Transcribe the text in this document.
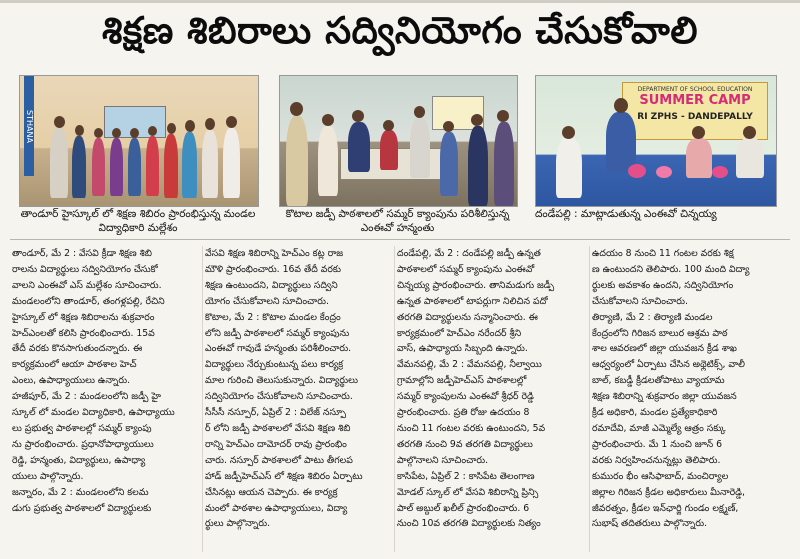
శిక్షణ శిబిరాలు సద్వినియోగం చేసుకోవాలి
STHANA
DEPARTMENT OF SCHOOL EDUCATION
SUMMER CAMP
RI ZPHS - DANDEPALLY
తాండూర్ హైస్కూల్ లో శిక్షణ శిబిరం ప్రారంభిస్తున్న మండల విద్యాధికారి మల్లేశం
కొటాల జడ్పీ పాఠశాలలో సమ్మర్ క్యాంపును పరిశీలిస్తున్న ఎంఈవో హన్మంతు
దండేపల్లి : మాట్లాడుతున్న ఎంఈవో చిన్నయ్య
తాండూర్, మే 2 : వేసవి క్రీడా శిక్షణ శిబి
రాలను విద్యార్థులు సద్వినియోగం చేసుకో
వాలని ఎంఈవో ఎస్ మల్లేశం సూచించారు.
మండలంలోని తాండూర్, తంగళ్లపల్లి, రేచిని
హైస్కూల్ లో శిక్షణ శిబిరాలను శుక్రవారం
హెచ్ఎంలతో కలిసి ప్రారంభించారు. 15వ
తేదీ వరకు కొనసాగుతుందన్నారు. ఈ
కార్యక్రమంలో ఆయా పాఠశాల హెచ్
ఎంలు, ఉపాధ్యాయులు ఉన్నారు.
హజీపూర్, మే 2 : మండలంలోని జడ్పీ హై
స్కూల్ లో మండల విద్యాధికారి, ఉపాధ్యాయు
లు ప్రభుత్వ పాఠశాలల్లో సమ్మర్ క్యాంపు
ను ప్రారంభించారు. ప్రధానోపాధ్యాయులు
రెడ్డి, హన్మంతు, విద్యార్థులు, ఉపాధ్యా
యులు పాల్గొన్నారు.
జన్నారం, మే 2 : మండలంలోని కలమ
డుగు ప్రభుత్వ పాఠశాలలో విద్యార్థులకు
వేసవి శిక్షణ శిబిరాన్ని హెచ్ఎం కట్ల రాజ
మౌళి ప్రారంభించారు. 16వ తేదీ వరకు
శిక్షణ ఉంటుందని, విద్యార్థులు సద్విని
యోగం చేసుకోవాలని సూచించారు.
కొటాల, మే 2 : కొటాల మండల కేంద్రం
లోని జడ్పీ పాఠశాలలో సమ్మర్ క్యాంపును
ఎంఈవో గావుడే హన్మంతు పరిశీలించారు.
విద్యార్థులు నేర్చుకుంటున్న పలు కార్యక్ర
మాల గురించి తెలుసుకున్నారు. విద్యార్థులు
సద్వినియోగం చేసుకోవాలని సూచించారు.
సీసీసీ నస్పూర్, ఏప్రిల్ 2 : విలేజ్ నస్పూ
ర్ లోని జడ్పీ పాఠశాలలో వేసవి శిక్షణ శిబి
రాన్ని హెచ్ఎం దామోదర్ రావు ప్రారంభిం
చారు. నస్పూర్ పాఠశాలలో పాటు తీగలప
హాడ్ జడ్పీహెచ్ఎస్ లో శిక్షణ శిబిరం ఏర్పాటు
చేసినట్లు ఆయన చెప్పారు. ఈ కార్యక్ర
మంలో పాఠశాల ఉపాధ్యాయులు, విద్యా
ర్థులు పాల్గొన్నారు.
దండేపల్లి, మే 2 : దండేపల్లి జడ్పీ ఉన్నత
పాఠశాలలో సమ్మర్ క్యాంపును ఎంఈవో
చిన్నయ్య ప్రారంభించారు. తానిమడుగు జడ్పీ
ఉన్నత పాఠశాలలో టాపర్లుగా నిలిచిన పదో
తరగతి విద్యార్థులను సన్మానించారు. ఈ
కార్యక్రమంలో హెచ్ఎం నరేందర్ శ్రీని
వాస్, ఉపాధ్యాయ సిబ్బంది ఉన్నారు.
వేమనపల్లి, మే 2 : వేమనపల్లి, నీల్వాయి
గ్రామాల్లోని జడ్పీహెచ్ఎస్ పాఠశాలల్లో
సమ్మర్ క్యాంపులను ఎంఈవో శ్రీధర్ రెడ్డి
ప్రారంభించారు. ప్రతి రోజు ఉదయం 8
నుంచి 11 గంటల వరకు ఉంటుందని, 5వ
తరగతి నుంచి 9వ తరగతి విద్యార్థులు
పాల్గొనాలని సూచించారు.
కాసిపేట, ఏప్రిల్ 2 : కాసిపేట తెలంగాణ
మోడల్ స్కూల్ లో వేసవి శిబిరాన్ని ప్రిన్సి
పాల్ అబ్దుల్ ఖలీల్ ప్రారంభించారు. 6
నుంచి 10వ తరగతి విద్యార్థులకు నిత్యం
ఉదయం 8 నుంచి 11 గంటల వరకు శిక్ష
ణ ఉంటుందని తెలిపారు. 100 మంది విద్యా
ర్థులకు అవకాశం ఉందని, సద్వినియోగం
చేసుకోవాలని సూచించారు.
తిర్యాణి, మే 2 : తిర్యాణి మండల
కేంద్రంలోని గిరిజన బాలుర ఆశ్రమ పాఠ
శాల ఆవరణలో జిల్లా యువజన క్రీడ శాఖ
ఆధ్వర్యంలో ఏర్పాటు చేసిన అథ్లెటిక్స్, వాలీ
బాల్, కబడ్డీ క్రీడలతోపాటు వ్యాయామ
శిక్షణ శిబిరాన్ని శుక్రవారం జిల్లా యువజన
క్రీడ అధికారి, మండల ప్రత్యేకాధికారి
రమాదేవి, మాజీ ఎమ్మెల్యే ఆత్రం సక్కు
ప్రారంభించారు. మే 1 నుంచి జూన్ 6
వరకు నిర్వహించనున్నట్లు తెలిపారు.
కుమురం భీం ఆసిఫాబాద్, మంచిర్యాల
జిల్లాల గిరిజన క్రీడల అధికారులు మీనారెడ్డి,
జీవరత్నం, క్రీడల ఇన్‌ఛార్జి గుండం లక్ష్మణ్,
సుభాష్ తదితరులు పాల్గొన్నారు.
